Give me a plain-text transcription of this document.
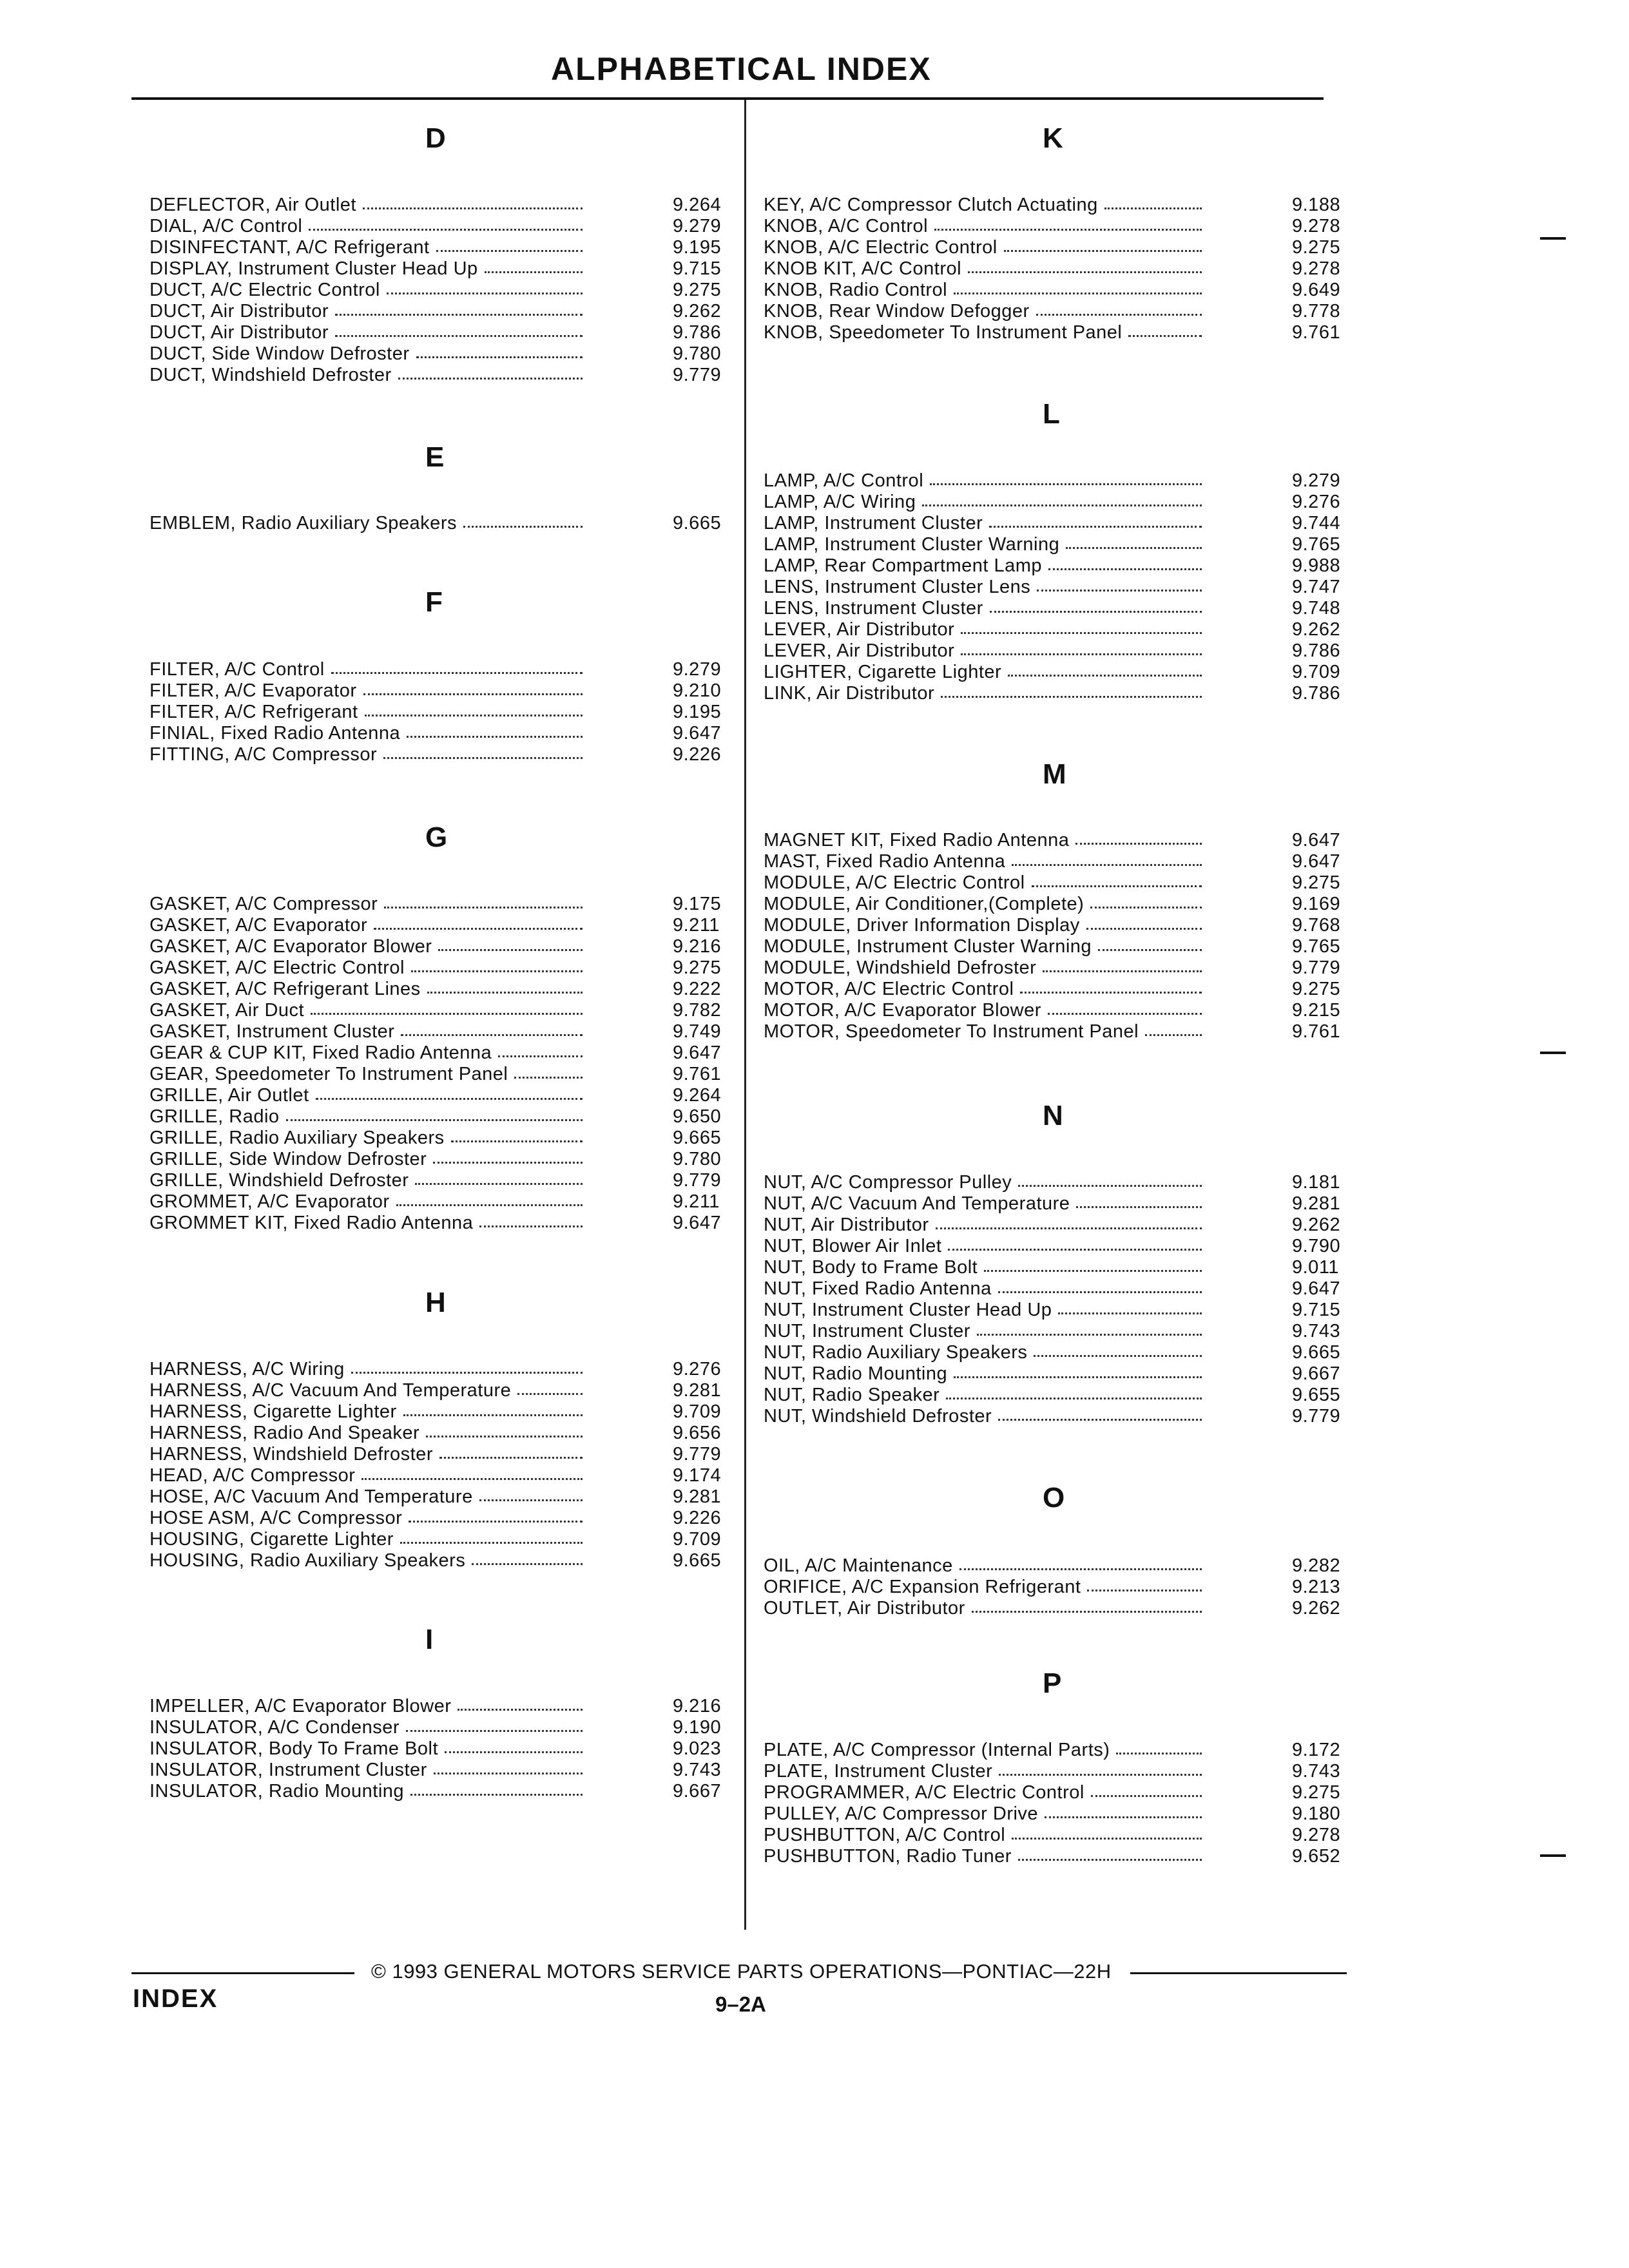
ALPHABETICAL INDEX
D
DEFLECTOR, Air Outlet	9.264
DIAL, A/C Control	9.279
DISINFECTANT, A/C Refrigerant	9.195
DISPLAY, Instrument Cluster Head Up	9.715
DUCT, A/C Electric Control	9.275
DUCT, Air Distributor	9.262
DUCT, Air Distributor	9.786
DUCT, Side Window Defroster	9.780
DUCT, Windshield Defroster	9.779
E
EMBLEM, Radio Auxiliary Speakers	9.665
F
FILTER, A/C Control	9.279
FILTER, A/C Evaporator	9.210
FILTER, A/C Refrigerant	9.195
FINIAL, Fixed Radio Antenna	9.647
FITTING, A/C Compressor	9.226
G
GASKET, A/C Compressor	9.175
GASKET, A/C Evaporator	9.211
GASKET, A/C Evaporator Blower	9.216
GASKET, A/C Electric Control	9.275
GASKET, A/C Refrigerant Lines	9.222
GASKET, Air Duct	9.782
GASKET, Instrument Cluster	9.749
GEAR & CUP KIT, Fixed Radio Antenna	9.647
GEAR, Speedometer To Instrument Panel	9.761
GRILLE, Air Outlet	9.264
GRILLE, Radio	9.650
GRILLE, Radio Auxiliary Speakers	9.665
GRILLE, Side Window Defroster	9.780
GRILLE, Windshield Defroster	9.779
GROMMET, A/C Evaporator	9.211
GROMMET KIT, Fixed Radio Antenna	9.647
H
HARNESS, A/C Wiring	9.276
HARNESS, A/C Vacuum And Temperature	9.281
HARNESS, Cigarette Lighter	9.709
HARNESS, Radio And Speaker	9.656
HARNESS, Windshield Defroster	9.779
HEAD, A/C Compressor	9.174
HOSE, A/C Vacuum And Temperature	9.281
HOSE ASM, A/C Compressor	9.226
HOUSING, Cigarette Lighter	9.709
HOUSING, Radio Auxiliary Speakers	9.665
I
IMPELLER, A/C Evaporator Blower	9.216
INSULATOR, A/C Condenser	9.190
INSULATOR, Body To Frame Bolt	9.023
INSULATOR, Instrument Cluster	9.743
INSULATOR, Radio Mounting	9.667
K
KEY, A/C Compressor Clutch Actuating	9.188
KNOB, A/C Control	9.278
KNOB, A/C Electric Control	9.275
KNOB KIT, A/C Control	9.278
KNOB, Radio Control	9.649
KNOB, Rear Window Defogger	9.778
KNOB, Speedometer To Instrument Panel	9.761
L
LAMP, A/C Control	9.279
LAMP, A/C Wiring	9.276
LAMP, Instrument Cluster	9.744
LAMP, Instrument Cluster Warning	9.765
LAMP, Rear Compartment Lamp	9.988
LENS, Instrument Cluster Lens	9.747
LENS, Instrument Cluster	9.748
LEVER, Air Distributor	9.262
LEVER, Air Distributor	9.786
LIGHTER, Cigarette Lighter	9.709
LINK, Air Distributor	9.786
M
MAGNET KIT, Fixed Radio Antenna	9.647
MAST, Fixed Radio Antenna	9.647
MODULE, A/C Electric Control	9.275
MODULE, Air Conditioner,(Complete)	9.169
MODULE, Driver Information Display	9.768
MODULE, Instrument Cluster Warning	9.765
MODULE, Windshield Defroster	9.779
MOTOR, A/C Electric Control	9.275
MOTOR, A/C Evaporator Blower	9.215
MOTOR, Speedometer To Instrument Panel	9.761
N
NUT, A/C Compressor Pulley	9.181
NUT, A/C Vacuum And Temperature	9.281
NUT, Air Distributor	9.262
NUT, Blower Air Inlet	9.790
NUT, Body to Frame Bolt	9.011
NUT, Fixed Radio Antenna	9.647
NUT, Instrument Cluster Head Up	9.715
NUT, Instrument Cluster	9.743
NUT, Radio Auxiliary Speakers	9.665
NUT, Radio Mounting	9.667
NUT, Radio Speaker	9.655
NUT, Windshield Defroster	9.779
O
OIL, A/C Maintenance	9.282
ORIFICE, A/C Expansion Refrigerant	9.213
OUTLET, Air Distributor	9.262
P
PLATE, A/C Compressor (Internal Parts)	9.172
PLATE, Instrument Cluster	9.743
PROGRAMMER, A/C Electric Control	9.275
PULLEY, A/C Compressor Drive	9.180
PUSHBUTTON, A/C Control	9.278
PUSHBUTTON, Radio Tuner	9.652
© 1993 GENERAL MOTORS SERVICE PARTS OPERATIONS—PONTIAC—22H
INDEX	9–2A
